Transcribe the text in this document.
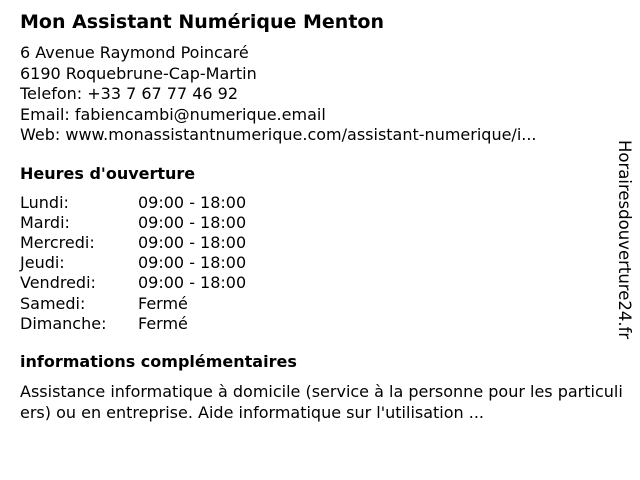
Mon Assistant Numérique Menton
6 Avenue Raymond Poincaré
6190 Roquebrune-Cap-Martin
Telefon: +33 7 67 77 46 92
Email: fabiencambi@numerique.email
Web: www.monassistantnumerique.com/assistant-numerique/i...
Heures d'ouverture
Lundi:	09:00 - 18:00
Mardi:	09:00 - 18:00
Mercredi:	09:00 - 18:00
Jeudi:	09:00 - 18:00
Vendredi:	09:00 - 18:00
Samedi:	Fermé
Dimanche:	Fermé
informations complémentaires
Assistance informatique à domicile (service à la personne pour les particuliers) ou en entreprise. Aide informatique sur l'utilisation ...
Horairesdouverture24.fr
